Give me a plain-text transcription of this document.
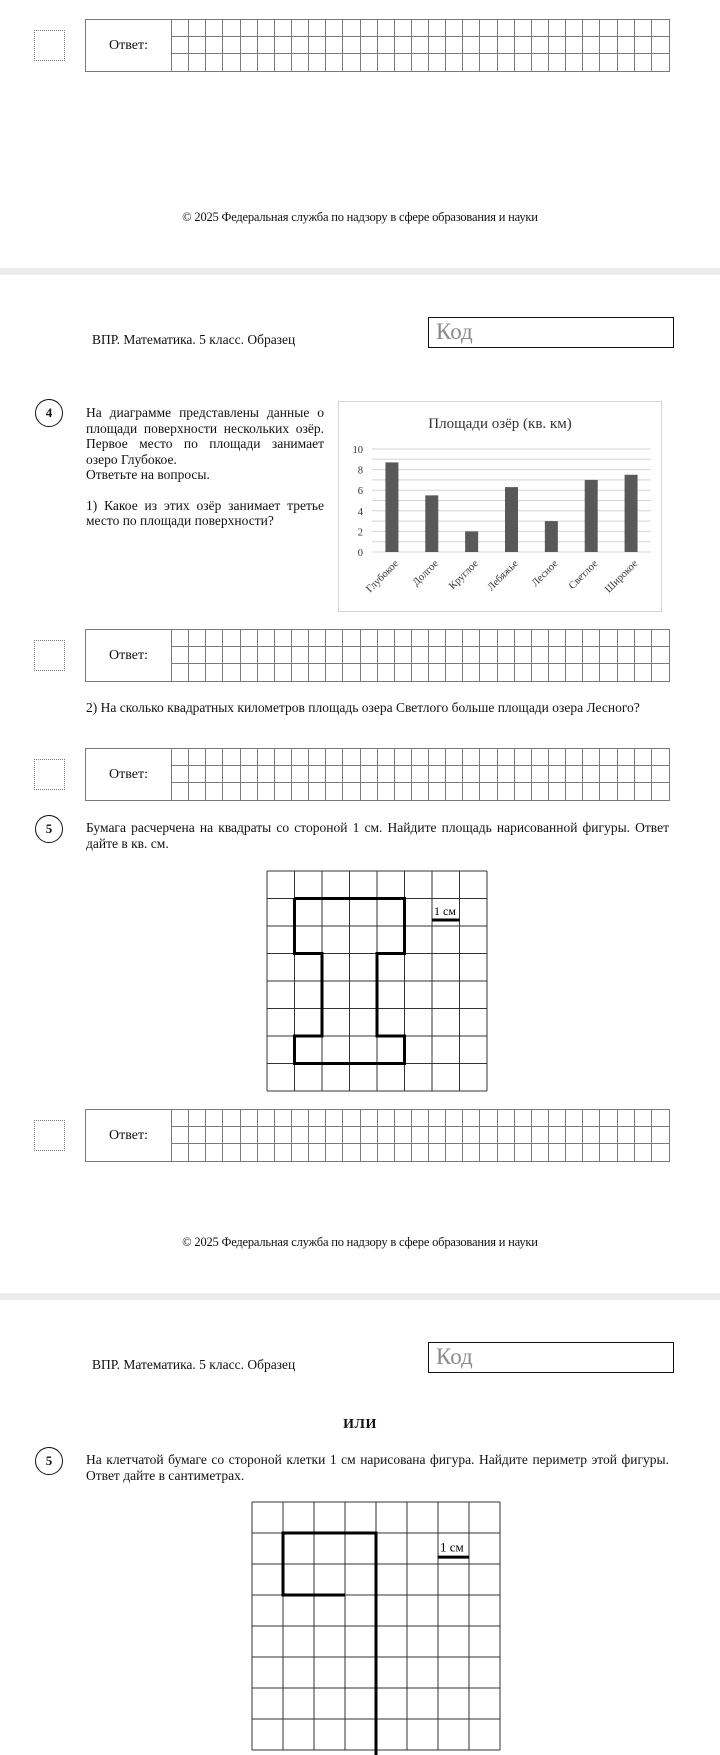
Ответ:
© 2025 Федеральная служба по надзору в сфере образования и науки
ВПР. Математика. 5 класс. Образец	Код
4	На диаграмме представлены данные о площади поверхности нескольких озёр. Первое место по площади занимает озеро Глубокое.
Ответьте на вопросы.
1) Какое из этих озёр занимает третье место по площади поверхности?
Площади озёр (кв. км)
0
2
4
6
8
10
Глубокое Долгое Круглое Лебяжье Лесное Светлое Широкое
Ответ:
2) На сколько квадратных километров площадь озера Светлого больше площади озера Лесного?
Ответ:
5	Бумага расчерчена на квадраты со стороной 1 см. Найдите площадь нарисованной фигуры. Ответ дайте в кв. см.
1 см
Ответ:
© 2025 Федеральная служба по надзору в сфере образования и науки
ВПР. Математика. 5 класс. Образец	Код
ИЛИ
5	На клетчатой бумаге со стороной клетки 1 см нарисована фигура. Найдите периметр этой фигуры. Ответ дайте в сантиметрах.
1 см
